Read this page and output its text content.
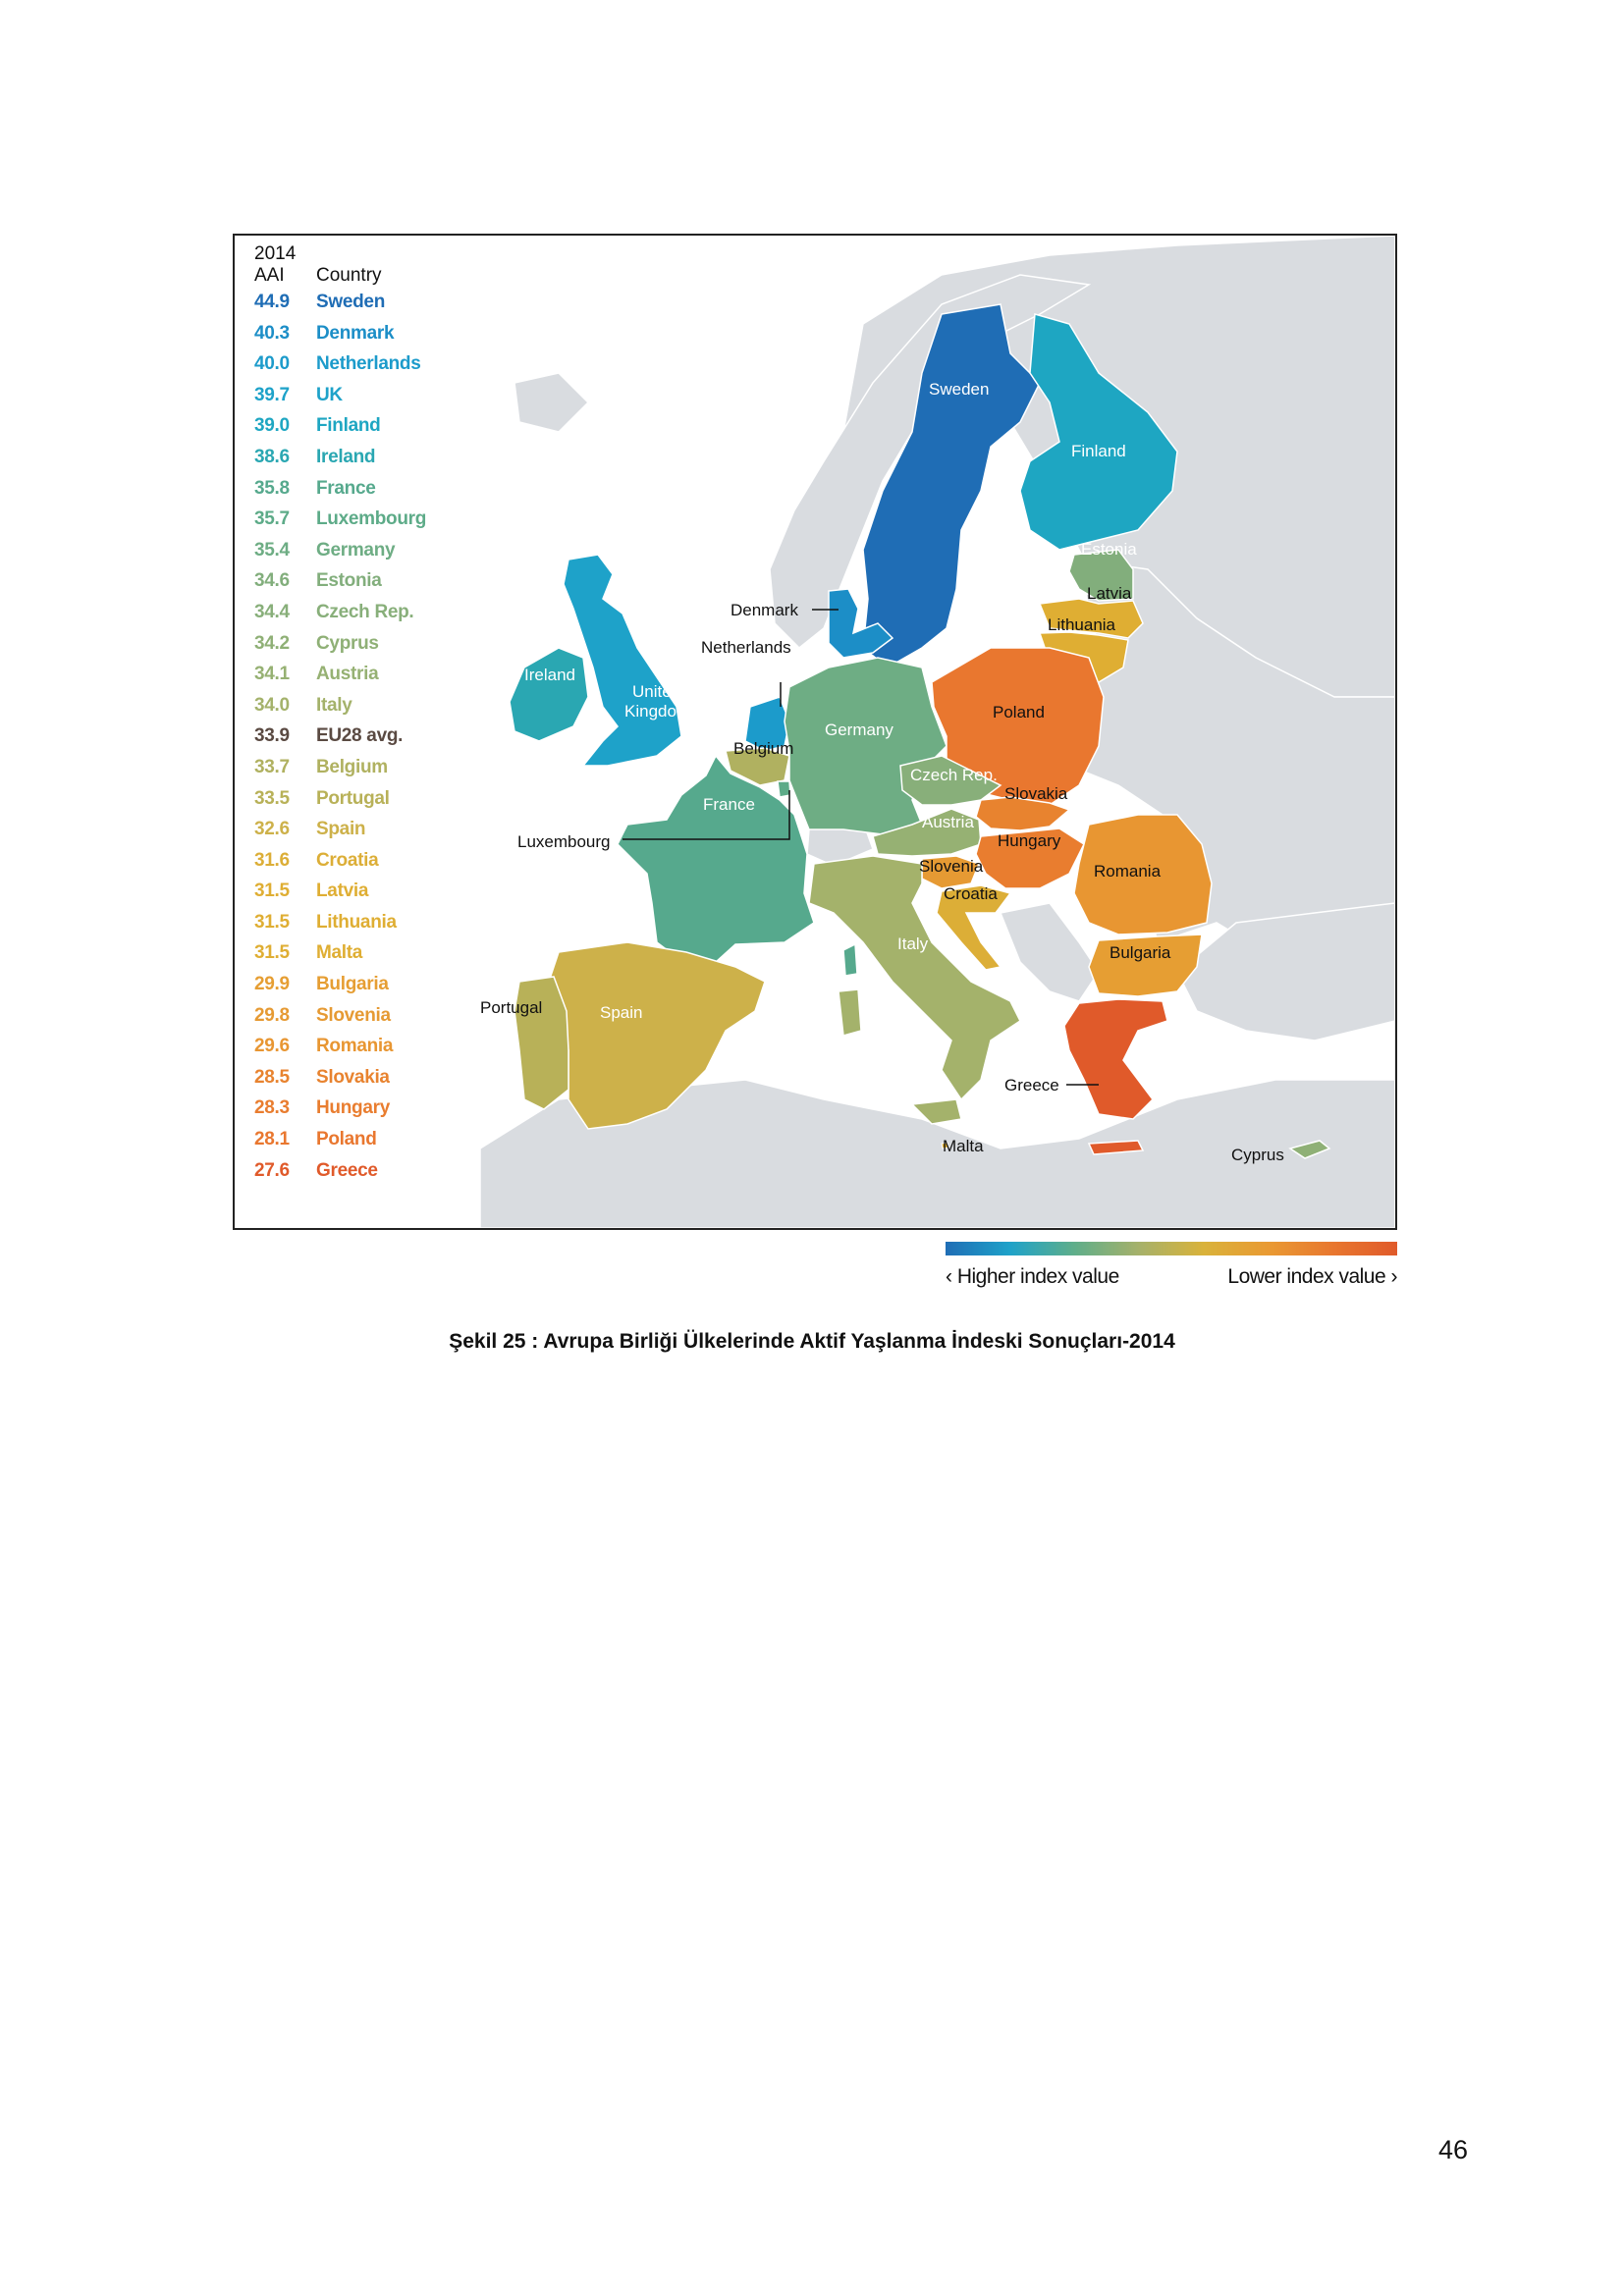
Sweden
Finland
Estonia
Latvia
Lithuania
Denmark
Netherlands
Ireland
United
Kingdom
Belgium
Germany
Poland
Czech Rep.
Slovakia
Austria
Hungary
Slovenia
Croatia
Romania
Bulgaria
France
Luxembourg
Italy
Portugal	Spain
Greece
Malta	Cyprus
2014
AAI	Country
44.9	Sweden
40.3	Denmark
40.0	Netherlands
39.7	UK
39.0	Finland
38.6	Ireland
35.8	France
35.7	Luxembourg
35.4	Germany
34.6	Estonia
34.4	Czech Rep.
34.2	Cyprus
34.1	Austria
34.0	Italy
33.9	EU28 avg.
33.7	Belgium
33.5	Portugal
32.6	Spain
31.6	Croatia
31.5	Latvia
31.5	Lithuania
31.5	Malta
29.9	Bulgaria
29.8	Slovenia
29.6	Romania
28.5	Slovakia
28.3	Hungary
28.1	Poland
27.6	Greece
‹ Higher index value	Lower index value ›
Şekil 25 : Avrupa Birliği Ülkelerinde Aktif Yaşlanma İndeski Sonuçları-2014
46
